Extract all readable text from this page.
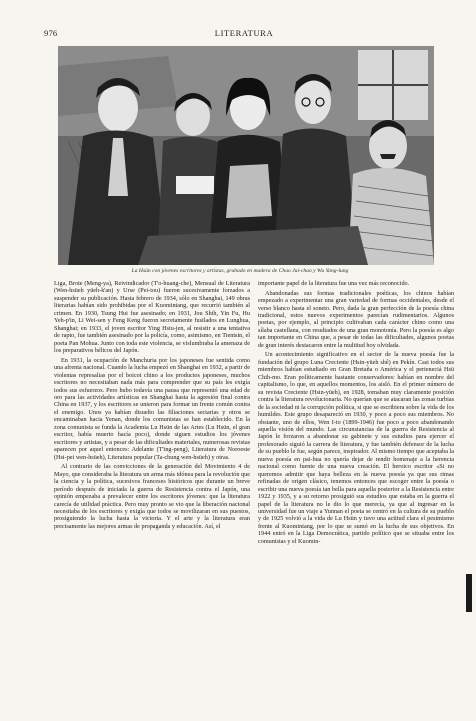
976	LITERATURA
La Hsün con jóvenes escritores y artistas, grabado en madera de Chao Jui-chao y Wu Yang-lung

Liga, Brote (Meng-ya), Reivindicador (T'o-huang-che), Mensual de Literatura (Wen-hsüeh yüeh-k'an) y Urse (Pei-tou) fueron sucesivamente forzados a suspender su publicación. Hasta febrero de 1934, sólo en Shanghai, 149 obras literarias habían sido prohibidas por el Kuomintang, que recurrió también al crimen. En 1930, Tsung Hui fue asesinado; en 1931, Jou Shih, Yin Fu, Hu Yeh-p'in, Li Wei-sen y Feng Keng fueron secretamente fusilados en Lunghua, Shanghai; en 1933, el joven escritor Ying Hsiu-jen, al resistir a una tentativa de rapto, fue también asesinado por la policía, como, asimismo, en Tientsin, el poeta Pan Mohua. Junto con toda este violencia, se vislumbraba la amenaza de los preparativos bélicos del Japón.

En 1931, la ocupación de Manchuria por los japoneses fue sentida como una afrenta nacional. Cuando la lucha empezó en Shanghai en 1932, a partir de violentas represalias por el boicot chino a los productos japoneses, muchos escritores no necesitaban nada más para comprender que su país les exigía todos sus esfuerzos. Pero hubo todavía una pausa que representó una edad de oro para las actividades artísticas en Shanghai hasta la agresión final contra China en 1937, y los escritores se unieron para formar un frente común contra el enemigo. Unos ya habían disuelto las filiaciones sectarias y otros se encaminaban hacia Yenan, donde los comunistas se han establecido. En la zona comunista se funda la Academia Lu Hsün de las Artes (Lu Hsün, el gran escritor, había muerto hacía poco), donde siguen estudios los jóvenes escritores y artistas, y a pesar de las dificultades materiales, numerosas revistas aparecen por aquel entonces: Adelante (T'ing-peng), Literatura de Noroeste (Hsi-pei wen-hsüeh), Literatura popular (Ta-chung wen-hsüeh) y otras.

Al contrario de las convicciones de la generación del Movimiento 4 de Mayo, que consideraba la literatura un arma más idónea para la revolución que la ciencia y la política, sucesivos franceses históricos que durante un breve período después de iniciada la guerra de Resistencia contra el Japón, una opinión empezaba a prevalecer entre los escritores jóvenes: que la literatura carecía de utilidad práctica. Pero muy pronto se vio que la liberación nacional necesitaba de los escritores y exigía que todos se movilizaran en sus puestos, prosiguiendo la lucha hasta la victoria. Y el arte y la literatura eran precisamente las mejores armas de propaganda y educación. Así, el

importante papel de la literatura fue una vez más reconocido.

Abandonadas sus formas tradicionales poéticas, los chinos habían empezado a experimentar una gran variedad de formas occidentales, desde el verso blanco hasta el soneto. Pero, dada la gran perfección de la poesía china tradicional, estos nuevos experimentos parecían rudimentarios. Algunos poetas, por ejemplo, al principio cultivaban cada carácter chino como una sílaba castellana, con resultados de una gran monotonía. Pero la poesía es algo tan importante en China que, a pesar de todas las dificultades, algunos poetas de gran interés destacaron entre la multitud hoy olvidada.

Un acontecimiento significativo en el sector de la nueva poesía fue la fundación del grupo Luna Creciente (Hsin-yüeh shê) en Pekín. Casi todos sus miembros habían estudiado en Gran Bretaña o América y el perteneciá Hsü Chih-mo. Eran políticamente bastante conservadores: habían en nombre del capitalismo, lo que, en aquellos momentos, los aisló. En el primer número de su revista Creciente (Hsin-yüeh), en 1928, tomaban muy claramente posición contra la literatura revolucionaria. No querían que se atacaran las zonas turbias de la sociedad ni la corrupción política, si que se escribiera sobre la vida de los humildes. Este grupo desapareció en 1930, y poco a poco sus miembros. No obstante, uno de ellos, Wen I-to (1899-1946) fue poco a poco abandonando aquella visión del mundo. Las circunstancias de la guerra de Resistencia al Japón le forzaron a abandonar su gabinete y sus estudios para ejercer el profesorado siguió la carrera de literatura, y fue también defensor de la lucha de su pueblo le fue, según parece, inspirador. Al mismo tiempo que aceptaba la nueva poesía en pai-hua no quería dejar de rendir homenaje a la herencia nacional como fuente de una nueva creación. El heroico escritor «Si no queremos admitir que haya belleza en la nueva poesía ya que sus rimas refinadas de origen clásico, tenemos entonces que escoger entre la poesía o escribir una nueva poesía tan bella para aquella posterior a la Resistencia entre 1922 y 1935, y a su retorno prosiguió sus estudios que estaba en la guerra el papel de la literatura no le dio lo que merecía, ya que al ingresar en la universidad fue un viaje a Yunnan el poeta se centró en la cultura de su pueblo y de 1925 volvió a la vida de Lu Hsün y tuvo una actitud clara el pesimismo frente al Kuomintang, por lo que se sumó en la lucha de sus objetivos. En 1944 entró en la Liga Democrática, partido político que se situaba entre los comunistas y el Kuomin-
